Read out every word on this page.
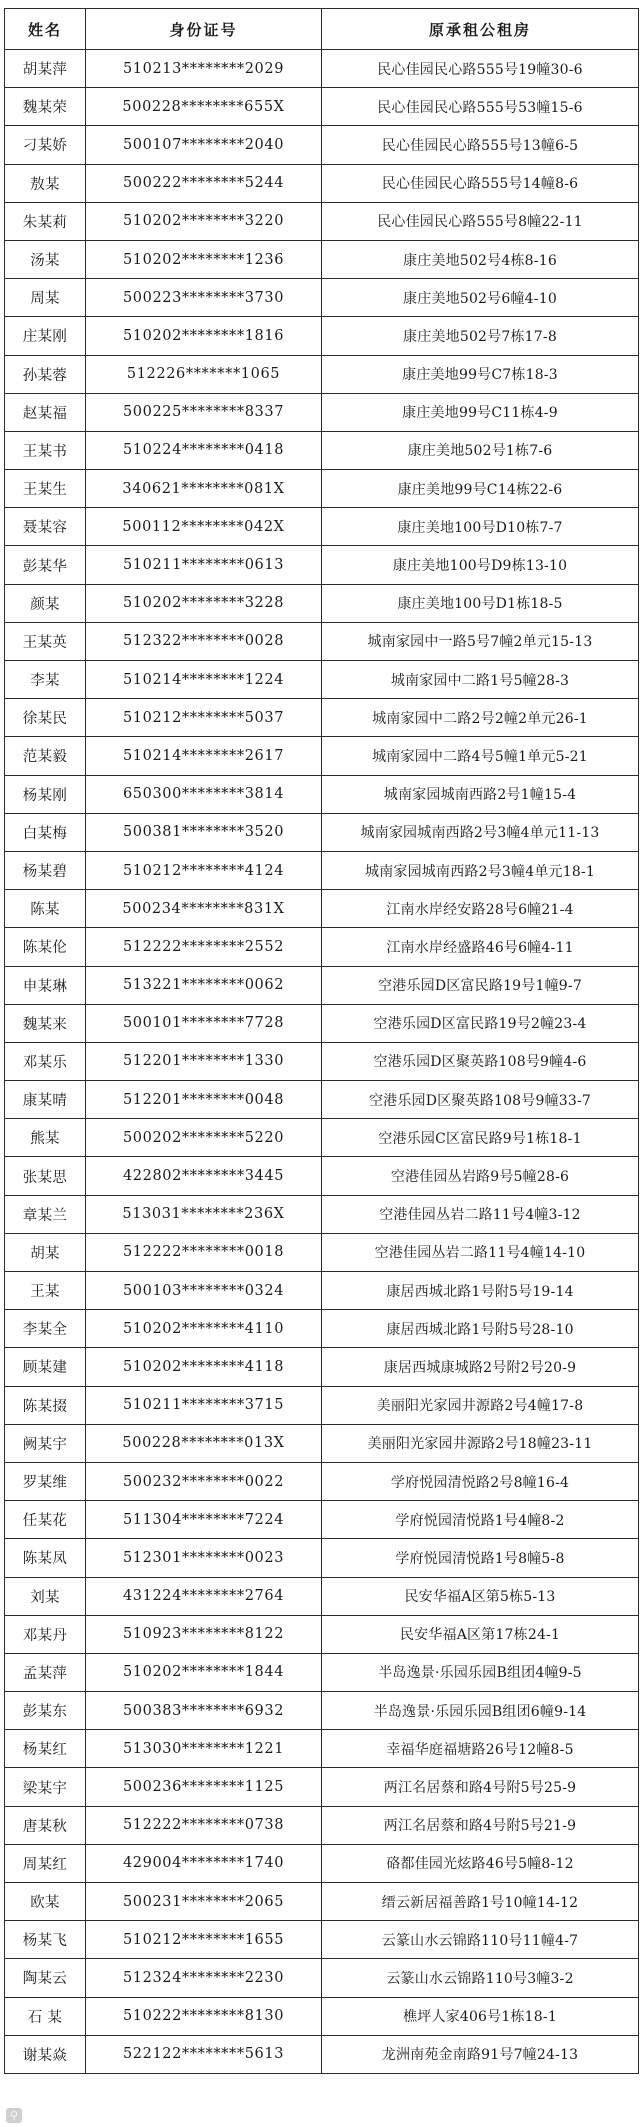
姓名	身份证号	原承租公租房
胡某萍	510213********2029	民心佳园民心路555号19幢30-6
魏某荣	500228********655X	民心佳园民心路555号53幢15-6
刁某娇	500107********2040	民心佳园民心路555号13幢6-5
敖某	500222********5244	民心佳园民心路555号14幢8-6
朱某莉	510202********3220	民心佳园民心路555号8幢22-11
汤某	510202********1236	康庄美地502号4栋8-16
周某	500223********3730	康庄美地502号6幢4-10
庄某刚	510202********1816	康庄美地502号7栋17-8
孙某蓉	512226*******1065	康庄美地99号C7栋18-3
赵某福	500225********8337	康庄美地99号C11栋4-9
王某书	510224********0418	康庄美地502号1栋7-6
王某生	340621********081X	康庄美地99号C14栋22-6
聂某容	500112********042X	康庄美地100号D10栋7-7
彭某华	510211********0613	康庄美地100号D9栋13-10
颜某	510202********3228	康庄美地100号D1栋18-5
王某英	512322********0028	城南家园中一路5号7幢2单元15-13
李某	510214********1224	城南家园中二路1号5幢28-3
徐某民	510212********5037	城南家园中二路2号2幢2单元26-1
范某毅	510214********2617	城南家园中二路4号5幢1单元5-21
杨某刚	650300********3814	城南家园城南西路2号1幢15-4
白某梅	500381********3520	城南家园城南西路2号3幢4单元11-13
杨某碧	510212********4124	城南家园城南西路2号3幢4单元18-1
陈某	500234********831X	江南水岸经安路28号6幢21-4
陈某伦	512222********2552	江南水岸经盛路46号6幢4-11
申某琳	513221********0062	空港乐园D区富民路19号1幢9-7
魏某来	500101********7728	空港乐园D区富民路19号2幢23-4
邓某乐	512201********1330	空港乐园D区聚英路108号9幢4-6
康某晴	512201********0048	空港乐园D区聚英路108号9幢33-7
熊某	500202********5220	空港乐园C区富民路9号1栋18-1
张某思	422802********3445	空港佳园丛岩路9号5幢28-6
章某兰	513031********236X	空港佳园丛岩二路11号4幢3-12
胡某	512222********0018	空港佳园丛岩二路11号4幢14-10
王某	500103********0324	康居西城北路1号附5号19-14
李某全	510202********4110	康居西城北路1号附5号28-10
顾某建	510202********4118	康居西城康城路2号附2号20-9
陈某掇	510211********3715	美丽阳光家园井源路2号4幢17-8
阙某宇	500228********013X	美丽阳光家园井源路2号18幢23-11
罗某维	500232********0022	学府悦园清悦路2号8幢16-4
任某花	511304********7224	学府悦园清悦路1号4幢8-2
陈某凤	512301********0023	学府悦园清悦路1号8幢5-8
刘某	431224********2764	民安华福A区第5栋5-13
邓某丹	510923********8122	民安华福A区第17栋24-1
孟某萍	510202********1844	半岛逸景·乐园乐园B组团4幢9-5
彭某东	500383********6932	半岛逸景·乐园乐园B组团6幢9-14
杨某红	513030********1221	幸福华庭福塘路26号12幢8-5
梁某宇	500236********1125	两江名居蔡和路4号附5号25-9
唐某秋	512222********0738	两江名居蔡和路4号附5号21-9
周某红	429004********1740	硌都佳园光炫路46号5幢8-12
欧某	500231********2065	缙云新居福善路1号10幢14-12
杨某飞	510212********1655	云篆山水云锦路110号11幢4-7
陶某云	512324********2230	云篆山水云锦路110号3幢3-2
石 某	510222********8130	樵坪人家406号1栋18-1
谢某焱	522122********5613	龙洲南苑金南路91号7幢24-13
⚲
